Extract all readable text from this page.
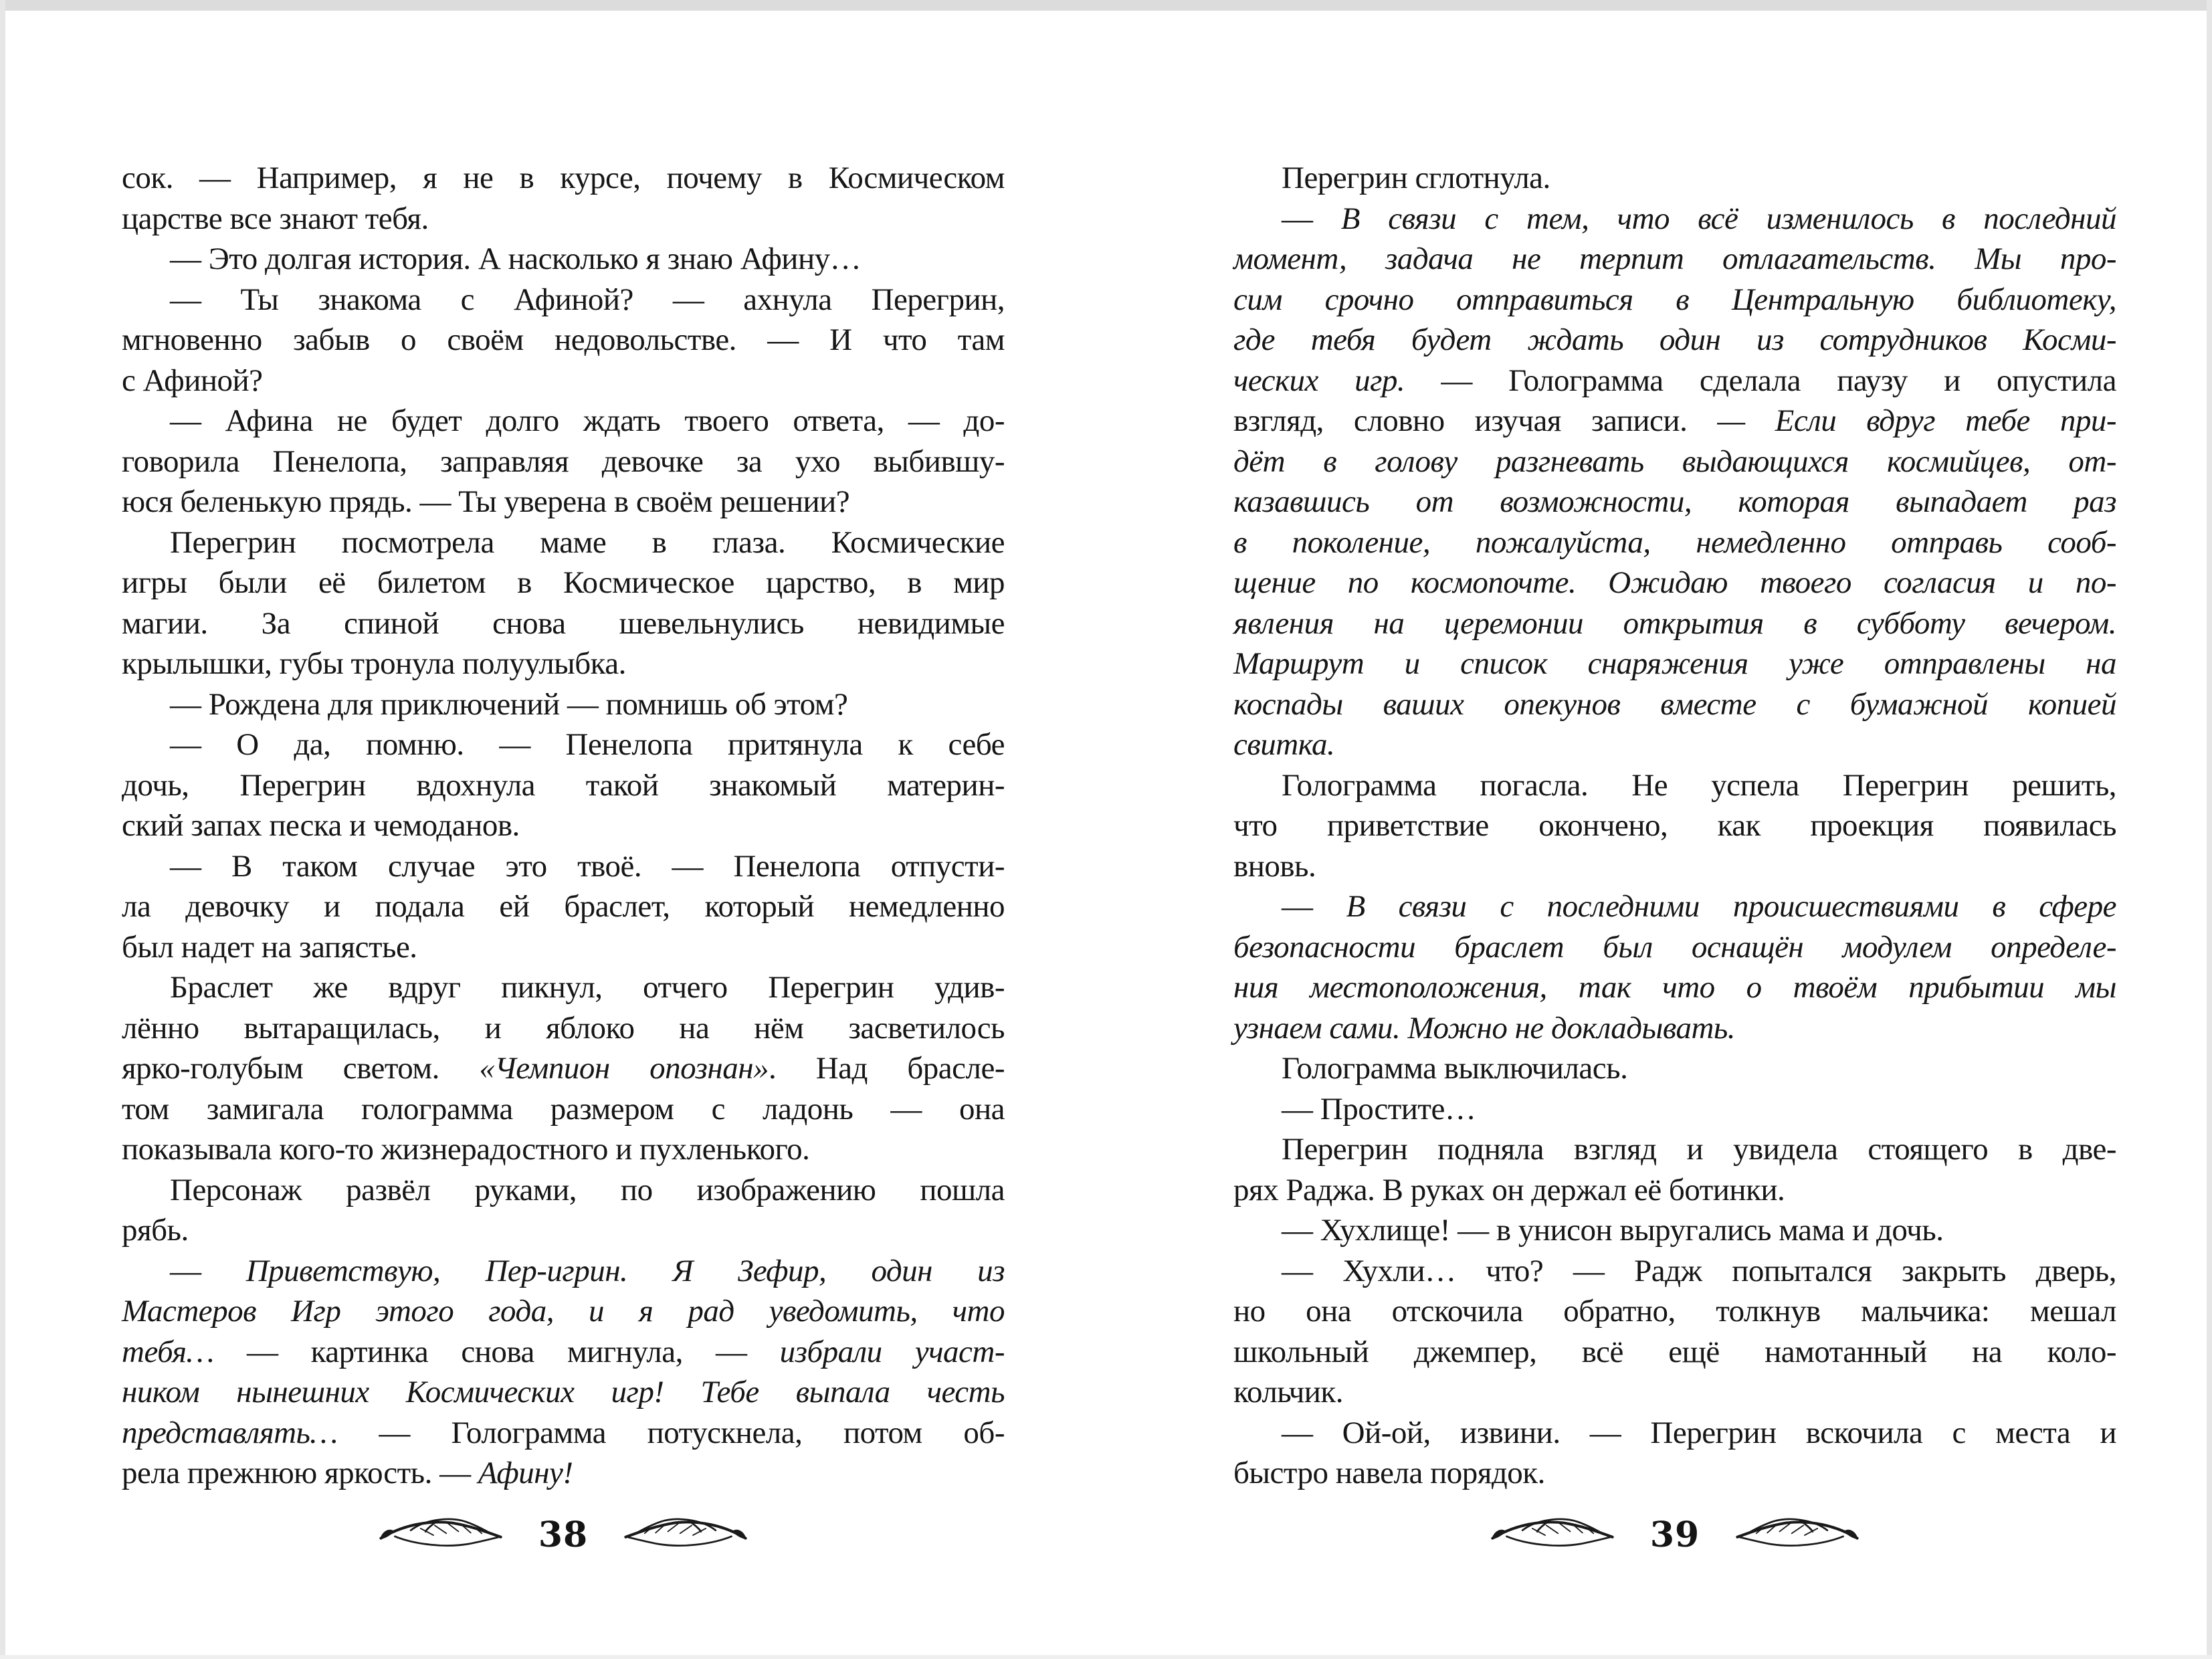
сок. — Например, я не в курсе, почему в Космическом
царстве все знают тебя.
— Это долгая история. А насколько я знаю Афину…
— Ты знакома с Афиной? — ахнула Перегрин,
мгновенно забыв о своём недовольстве. — И что там
с Афиной?
— Афина не будет долго ждать твоего ответа, — до-
говорила Пенелопа, заправляя девочке за ухо выбившу-
юся беленькую прядь. — Ты уверена в своём решении?
Перегрин посмотрела маме в глаза. Космические
игры были её билетом в Космическое царство, в мир
магии. За спиной снова шевельнулись невидимые
крылышки, губы тронула полуулыбка.
— Рождена для приключений — помнишь об этом?
— О да, помню. — Пенелопа притянула к себе
дочь, Перегрин вдохнула такой знакомый материн-
ский запах песка и чемоданов.
— В таком случае это твоё. — Пенелопа отпусти-
ла девочку и подала ей браслет, который немедленно
был надет на запястье.
Браслет же вдруг пикнул, отчего Перегрин удив-
лённо вытаращилась, и яблоко на нём засветилось
ярко-голубым светом. «Чемпион опознан». Над брасле-
том замигала голограмма размером с ладонь — она
показывала кого-то жизнерадостного и пухленького.
Персонаж развёл руками, по изображению пошла
рябь.
— Приветствую, Пер-игрин. Я Зефир, один из
Мастеров Игр этого года, и я рад уведомить, что
тебя… — картинка снова мигнула, — избрали участ-
ником нынешних Космических игр! Тебе выпала честь
представлять… — Голограмма потускнела, потом об-
рела прежнюю яркость. — Афину!
Перегрин сглотнула.
— В связи с тем, что всё изменилось в последний
момент, задача не терпит отлагательств. Мы про-
сим срочно отправиться в Центральную библиотеку,
где тебя будет ждать один из сотрудников Косми-
ческих игр. — Голограмма сделала паузу и опустила
взгляд, словно изучая записи. — Если вдруг тебе при-
дёт в голову разгневать выдающихся космийцев, от-
казавшись от возможности, которая выпадает раз
в поколение, пожалуйста, немедленно отправь сооб-
щение по космопочте. Ожидаю твоего согласия и по-
явления на церемонии открытия в субботу вечером.
Маршрут и список снаряжения уже отправлены на
коспады ваших опекунов вместе с бумажной копией
свитка.
Голограмма погасла. Не успела Перегрин решить,
что приветствие окончено, как проекция появилась
вновь.
— В связи с последними происшествиями в сфере
безопасности браслет был оснащён модулем определе-
ния местоположения, так что о твоём прибытии мы
узнаем сами. Можно не докладывать.
Голограмма выключилась.
— Простите…
Перегрин подняла взгляд и увидела стоящего в две-
рях Раджа. В руках он держал её ботинки.
— Хухлище! — в унисон выругались мама и дочь.
— Хухли… что? — Радж попытался закрыть дверь,
но она отскочила обратно, толкнув мальчика: мешал
школьный джемпер, всё ещё намотанный на коло-
кольчик.
— Ой-ой, извини. — Перегрин вскочила с места и
быстро навела порядок.
38	39
